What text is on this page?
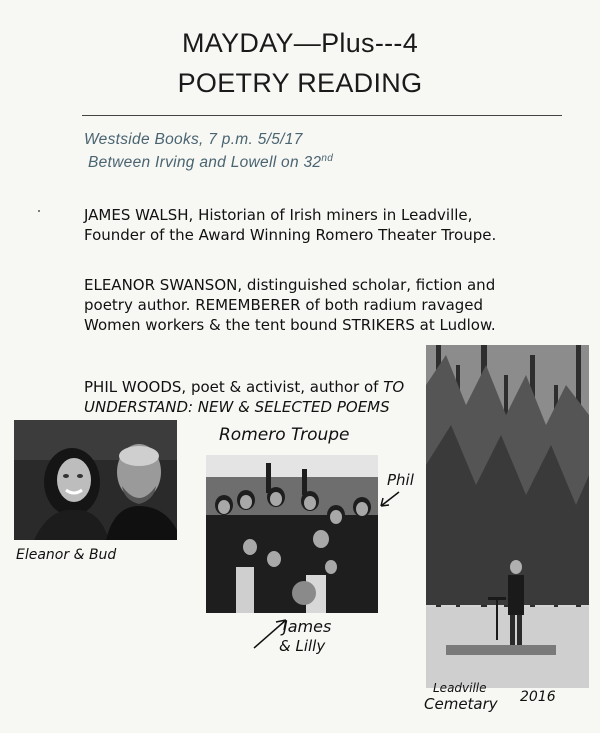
MAYDAY—Plus---4
POETRY READING
Westside Books, 7 p.m. 5/5/17
Between Irving and Lowell on 32nd
JAMES WALSH, Historian of Irish miners in Leadville, Founder of the Award Winning Romero Theater Troupe.
ELEANOR SWANSON, distinguished scholar, fiction and poetry author. REMEMBERER of both radium ravaged Women workers & the tent bound STRIKERS at Ludlow.
PHIL WOODS, poet & activist, author of TO UNDERSTAND: NEW & SELECTED POEMS
Eleanor & Bud
Romero Troupe
Phil
James
& Lilly
Leadville
Cemetary 2016
